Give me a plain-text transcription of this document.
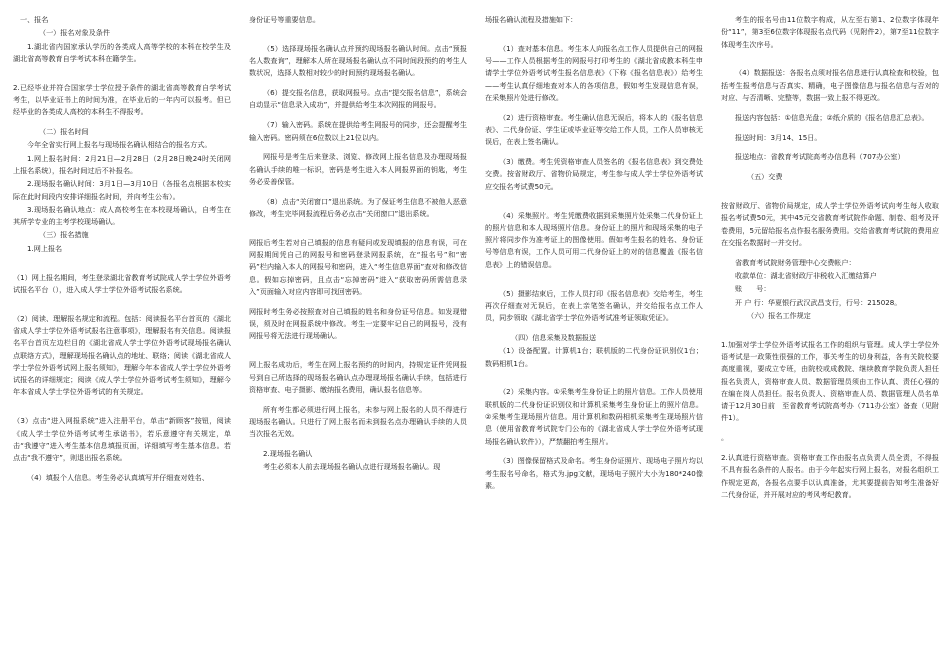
一、报名

（一）报名对象及条件

1.湖北省内国家承认学历的各类成人高等学校的本科在校学生及湖北省高等教育自学考试本科在籍学生。

2.已经毕业并符合国家学士学位授予条件的湖北省高等教育自学考试考生，以毕业证书上的时间为准，在毕业后的一年内可以报考。但已经毕业的各类成人高校的本科生不得报考。

（二）报名时间

今年全省实行网上报名与现场报名确认相结合的报名方式。

1.网上报名时间：2月21日—2月28日（2月28日晚24时关闭网上报名系统），报名时间过后不补报名。

2.现场报名确认时间：3月1日—3月10日（各报名点根据本校实际在此时间段内安排详细报名时间，并向考生公布）。

3.现场报名确认地点：成人高校考生在本校现场确认，自考生在其所学专业的主考学校现场确认。

（三）报名措施

1.网上报名

（1）网上报名期间，考生登录湖北省教育考试院成人学士学位外语考试报名平台（），进入成人学士学位外语考试报名系统。

（2）阅读、理解报名规定和流程。包括：阅读报名平台首页的《湖北省成人学士学位外语考试报名注意事项》，理解报名有关信息。阅读报名平台首页左边栏目的《湖北省成人学士学位外语考试现场报名确认点联络方式》，理解现场报名确认点的地址、联络；阅读《湖北省成人学士学位外语考试网上报名须知》，理解今年本省成人学士学位外语考试报名的详细规定；阅读《成人学士学位外语考试考生须知》，理解今年本省成人学士学位外语考试的有关规定。

（3）点击“进入网报系统”进入注册平台，单击“新顾客”按钮，阅读《成人学士学位外语考试考生承诺书》，若乐意遵守有关规定，单击“我遵守”进入考生基本信息填报页面，详细填写考生基本信息。若点击“我不遵守”，则退出报名系统。

（4）填报个人信息。考生务必认真填写并仔细查对姓名、

身份证号等重要信息。

（5）选择现场报名确认点并预约现场报名确认时间。点击“预报名人数查询”，理解本人所在现场报名确认点不同时间段预约的考生人数状况，选择人数相对较少的时间预约现场报名确认。

（6）提交报名信息，获取网报号。点击“提交报名信息”，系统会自动显示“信息录入成功”，并提供给考生本次网报的网报号。

（7）输入密码。系统在提供给考生网报号的同步，还会提醒考生输入密码。密码须在6位数以上21位以内。

网报号是考生后来登录、浏览、修改网上报名信息及办理现场报名确认手续的唯一标识，密码是考生进入本人网报界面的钥匙，考生务必妥善保管。

（8）点击“关闭窗口”退出系统。为了保证考生信息不被他人恶意修改，考生完毕网报流程后务必点击“关闭窗口”退出系统。

网报后考生若对自己填报的信息有疑问或发现填报的信息有误，可在网报期间凭自己的网报号和密码登录网报系统，在“报名号”和“密码”栏内输入本人的网报号和密码，进入“考生信息界面”查对和修改信息。假如忘掉密码，且点击“忘掉密码”进入“获取密码所需信息录入”页面输入对应内容即可找回密码。

网报时考生务必按照查对自己填报的姓名和身份证号信息。如发现错误，须及时在网报系统中修改。考生一定要牢记自己的网报号，没有网报号将无法进行现场确认。

网上报名成功后，考生在网上报名预约的时间内，持规定证件凭网报号到自己所选择的现场报名确认点办理现场报名确认手续，包括进行资格审查、电子摄影、缴纳报名费用，确认报名信息等。

所有考生都必须进行网上报名，未参与网上报名的人员不得进行现场报名确认。只进行了网上报名而未到报名点办理确认手续的人员当次报名无效。

2.现场报名确认

考生必须本人前去现场报名确认点进行现场报名确认。现

场报名确认流程及措施如下：

（1）查对基本信息。考生本人向报名点工作人员提供自己的网报号——工作人员根据考生的网报号打印考生的《湖北省成教本科生申请学士学位外语考试考生报名信息表》（下称《报名信息表》）给考生——考生认真仔细地查对本人的各项信息，假如考生发现信息有误，在采集照片处进行修改。

（2）进行资格审查。考生确认信息无误后，将本人的《报名信息表》、二代身份证、学生证或毕业证等交给工作人员，工作人员审核无误后，在表上签名确认。

（3）缴费。考生凭资格审查人员签名的《报名信息表》到交费处交费。按省财政厅、省物价局规定，考生参与成人学士学位外语考试应交报名考试费50元。

（4）采集照片。考生凭缴费收据到采集照片处采集二代身份证上的照片信息和本人现场照片信息。身份证上的照片和现场采集的电子照片将同步作为准考证上的图像使用。假如考生报名的姓名、身份证号等信息有误，工作人员可用二代身份证上的对的信息覆盖《报名信息表》上的错误信息。

（5）摄影结束后，工作人员打印《报名信息表》交给考生，考生再次仔细查对无误后，在表上亲笔签名确认，并交给报名点工作人员，同步领取《湖北省学士学位外语考试准考证领取凭证》。

（四）信息采集及数据报送

（1）设备配置。计算机1台；联机版的二代身份证识别仪1台；数码相机1台。

（2）采集内容。①采集考生身份证上的照片信息。工作人员使用联机版的二代身份证识别仪和计算机采集考生身份证上的照片信息。②采集考生现场照片信息。用计算机和数码相机采集考生现场照片信息（使用省教育考试院专门公布的《湖北省成人学士学位外语考试现场报名确认软件》），严禁翻拍考生照片。

（3）图像保留格式及命名。考生身份证照片、现场电子照片均以考生报名号命名，格式为.jpg文献，现场电子照片大小为180*240像素。

考生的报名号由11位数字构成，从左至右第1、2位数字体现年份“11”，第3至6位数字体现报名点代码（见附件2），第7至11位数字体现考生次序号。

（4）数据报送：各报名点须对报名信息进行认真检查和校验，包括考生报考信息与否真实、精确，电子图像信息与报名信息与否对的对应、与否清晰、完整等，数据一致上报不得更改。

报送内容包括：①信息光盘；②纸介质的《报名信息汇总表》。

报送时间：3月14、15日。

报送地点：省教育考试院高考办信息科（707办公室）

（五）交费

按省财政厅、省物价局规定，成人学士学位外语考试向考生每人收取报名考试费50元，其中45元交省教育考试院作命题、制卷、组考及评卷费用，5元留给报名点作报名服务费用。交给省教育考试院的费用应在交报名数据时一并交付。

省教育考试院财务管理中心交费帐户：

收款单位：湖北省财政厅非税收入汇缴结算户

账　　号：

开 户 行：华夏银行武汉武昌支行，行号：215028。

（六）报名工作规定

1.加强对学士学位外语考试报名工作的组织与管理。成人学士学位外语考试是一政策性很强的工作，事关考生的切身利益，各有关院校要高度重视，要成立专班，由院校或成教院、继续教育学院负责人担任报名负责人，资格审查人员、数据管理员须由工作认真、责任心强的在编在岗人员担任。报名负责人、资格审查人员、数据管理人员名单请于12月30日前　至省教育考试院高考办（711办公室）备查（见附件1）。

。

2.认真进行资格审查。资格审查工作由报名点负责人员全责，不得报不具有报名条件的人报名。由于今年起实行网上报名，对报名组织工作规定更高，各报名点要手以认真准备，尤其要提前告知考生准备好二代身份证，并开展对应的考风考纪教育。
